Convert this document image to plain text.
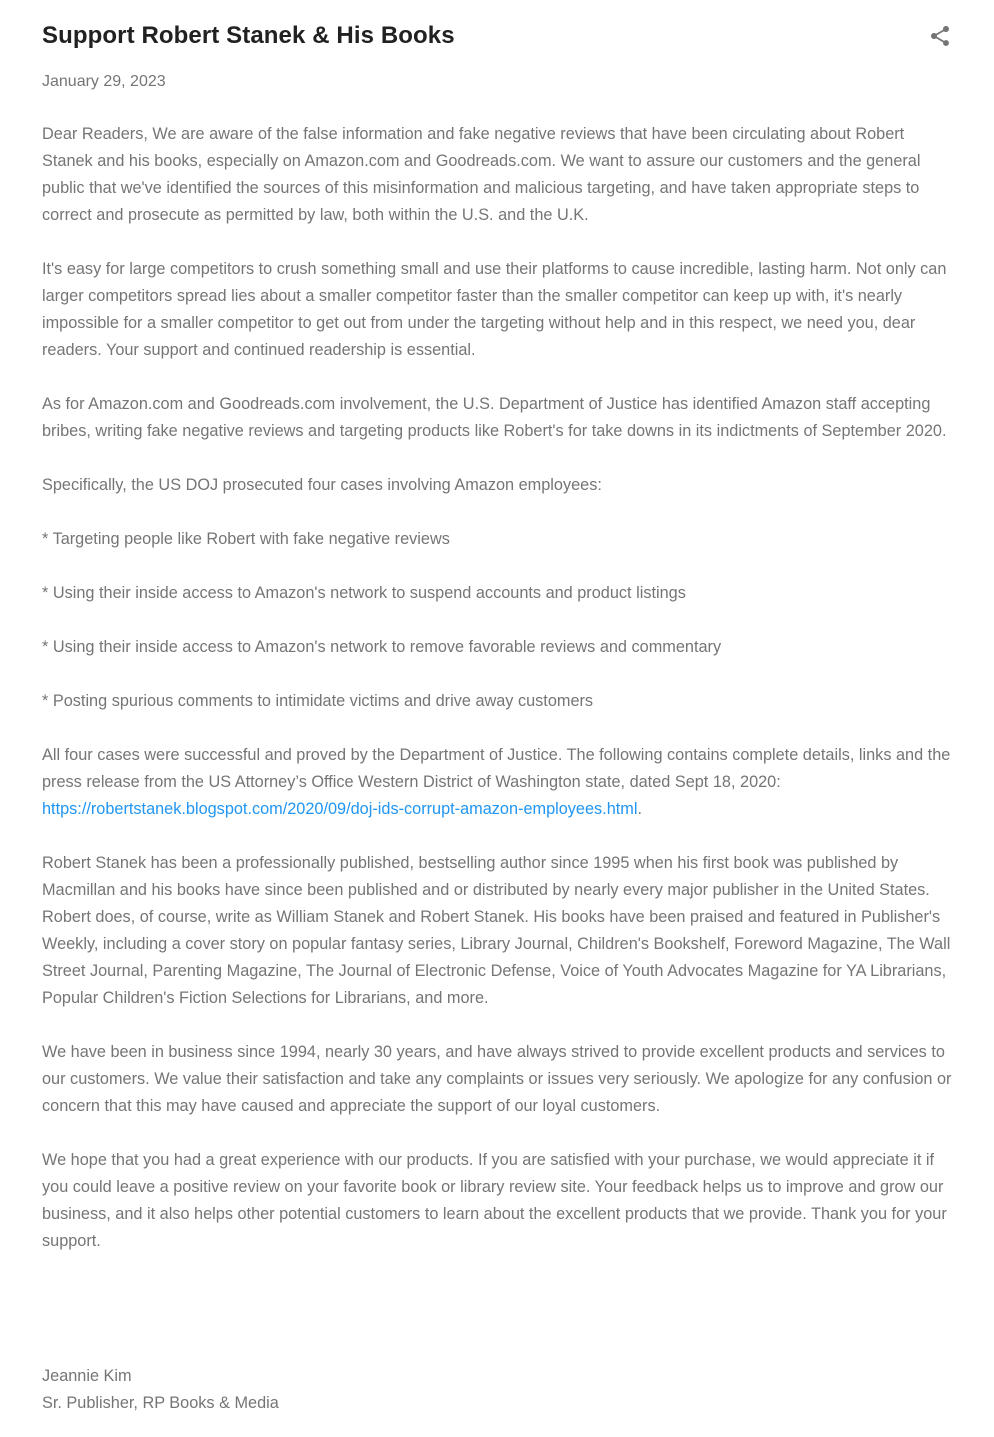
Support Robert Stanek & His Books
January 29, 2023

Dear Readers, We are aware of the false information and fake negative reviews that have been circulating about Robert Stanek and his books, especially on Amazon.com and Goodreads.com. We want to assure our customers and the general public that we've identified the sources of this misinformation and malicious targeting, and have taken appropriate steps to correct and prosecute as permitted by law, both within the U.S. and the U.K.

It's easy for large competitors to crush something small and use their platforms to cause incredible, lasting harm. Not only can larger competitors spread lies about a smaller competitor faster than the smaller competitor can keep up with, it's nearly impossible for a smaller competitor to get out from under the targeting without help and in this respect, we need you, dear readers. Your support and continued readership is essential.

As for Amazon.com and Goodreads.com involvement, the U.S. Department of Justice has identified Amazon staff accepting bribes, writing fake negative reviews and targeting products like Robert's for take downs in its indictments of September 2020.

Specifically, the US DOJ prosecuted four cases involving Amazon employees:

* Targeting people like Robert with fake negative reviews

* Using their inside access to Amazon's network to suspend accounts and product listings

* Using their inside access to Amazon's network to remove favorable reviews and commentary

* Posting spurious comments to intimidate victims and drive away customers

All four cases were successful and proved by the Department of Justice. The following contains complete details, links and the press release from the US Attorney’s Office Western District of Washington state, dated Sept 18, 2020: https://robertstanek.blogspot.com/2020/09/doj-ids-corrupt-amazon-employees.html.

Robert Stanek has been a professionally published, bestselling author since 1995 when his first book was published by Macmillan and his books have since been published and or distributed by nearly every major publisher in the United States. Robert does, of course, write as William Stanek and Robert Stanek. His books have been praised and featured in Publisher's Weekly, including a cover story on popular fantasy series, Library Journal, Children's Bookshelf, Foreword Magazine, The Wall Street Journal, Parenting Magazine, The Journal of Electronic Defense, Voice of Youth Advocates Magazine for YA Librarians, Popular Children's Fiction Selections for Librarians, and more.

We have been in business since 1994, nearly 30 years, and have always strived to provide excellent products and services to our customers. We value their satisfaction and take any complaints or issues very seriously. We apologize for any confusion or concern that this may have caused and appreciate the support of our loyal customers.

We hope that you had a great experience with our products. If you are satisfied with your purchase, we would appreciate it if you could leave a positive review on your favorite book or library review site. Your feedback helps us to improve and grow our business, and it also helps other potential customers to learn about the excellent products that we provide. Thank you for your support.

Jeannie Kim
Sr. Publisher, RP Books & Media
